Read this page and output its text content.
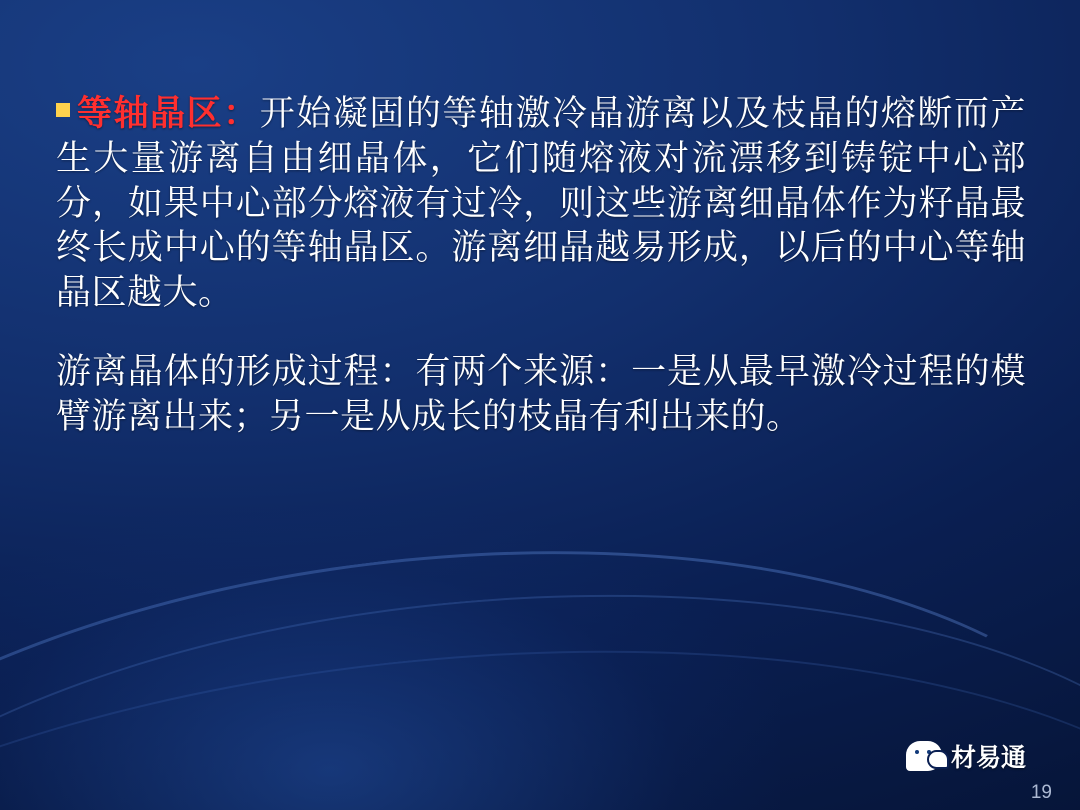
等轴晶区：开始凝固的等轴激冷晶游离以及枝晶的熔断而产生大量游离自由细晶体，它们随熔液对流漂移到铸锭中心部分，如果中心部分熔液有过冷，则这些游离细晶体作为籽晶最终长成中心的等轴晶区。游离细晶越易形成，以后的中心等轴晶区越大。

游离晶体的形成过程：有两个来源：一是从最早激冷过程的模臂游离出来；另一是从成长的枝晶有利出来的。

材易通
19
